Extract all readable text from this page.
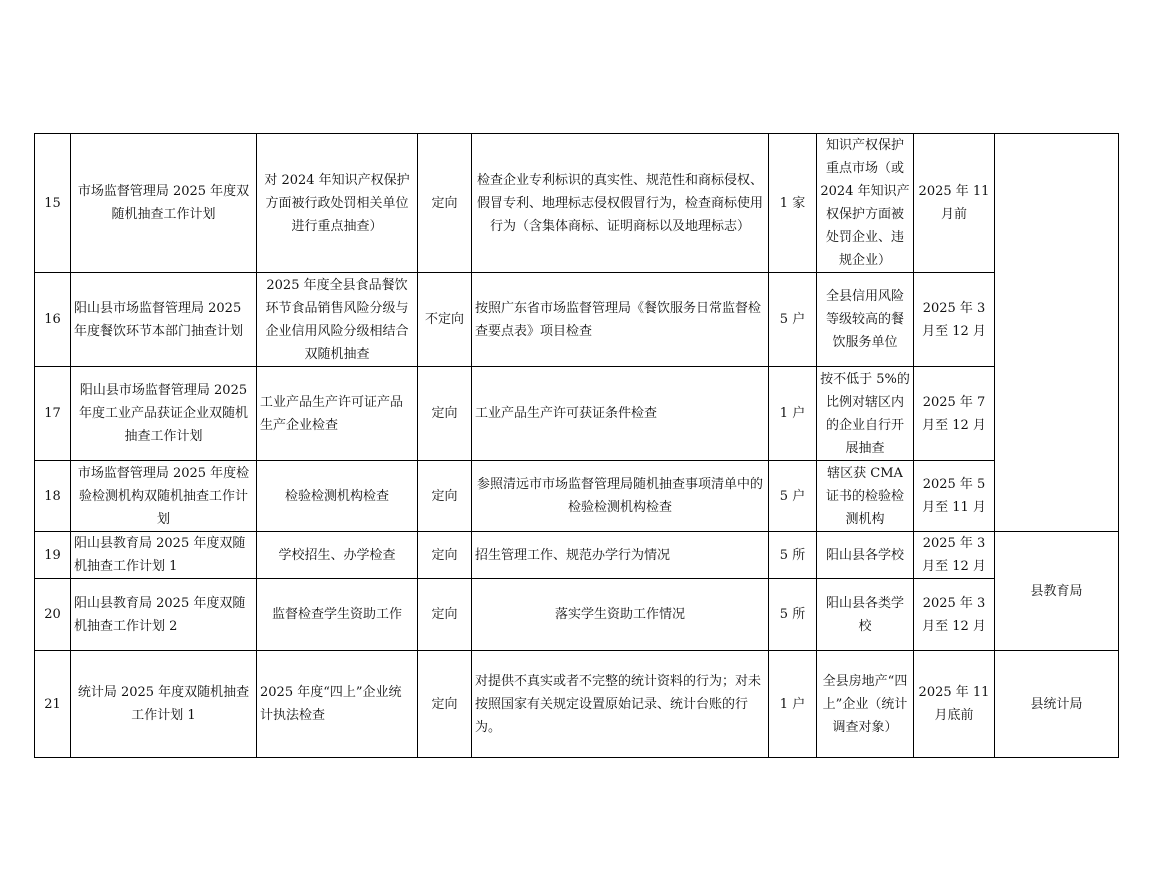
15	市场监督管理局 2025 年度双随机抽查工作计划	对 2024 年知识产权保护方面被行政处罚相关单位进行重点抽查）	定向	检查企业专利标识的真实性、规范性和商标侵权、假冒专利、地理标志侵权假冒行为，检查商标使用行为（含集体商标、证明商标以及地理标志）	1 家	知识产权保护重点市场（或 2024 年知识产权保护方面被处罚企业、违规企业）	2025 年 11 月前	
16	阳山县市场监督管理局 2025 年度餐饮环节本部门抽查计划	2025 年度全县食品餐饮环节食品销售风险分级与企业信用风险分级相结合双随机抽查	不定向	按照广东省市场监督管理局《餐饮服务日常监督检查要点表》项目检查	5 户	全县信用风险等级较高的餐饮服务单位	2025 年 3 月至 12 月	
17	阳山县市场监督管理局 2025 年度工业产品获证企业双随机抽查工作计划	工业产品生产许可证产品生产企业检查	定向	工业产品生产许可获证条件检查	1 户	按不低于 5%的比例对辖区内的企业自行开展抽查	2025 年 7 月至 12 月	
18	市场监督管理局 2025 年度检验检测机构双随机抽查工作计划	检验检测机构检查	定向	参照清远市市场监督管理局随机抽查事项清单中的检验检测机构检查	5 户	辖区获 CMA 证书的检验检测机构	2025 年 5 月至 11 月	
19	阳山县教育局 2025 年度双随机抽查工作计划 1	学校招生、办学检查	定向	招生管理工作、规范办学行为情况	5 所	阳山县各学校	2025 年 3 月至 12 月	县教育局
20	阳山县教育局 2025 年度双随机抽查工作计划 2	监督检查学生资助工作	定向	落实学生资助工作情况	5 所	阳山县各类学校	2025 年 3 月至 12 月	
21	统计局 2025 年度双随机抽查工作计划 1	2025 年度“四上”企业统计执法检查	定向	对提供不真实或者不完整的统计资料的行为；对未按照国家有关规定设置原始记录、统计台账的行为。	1 户	全县房地产“四上”企业（统计调查对象）	2025 年 11 月底前	县统计局
